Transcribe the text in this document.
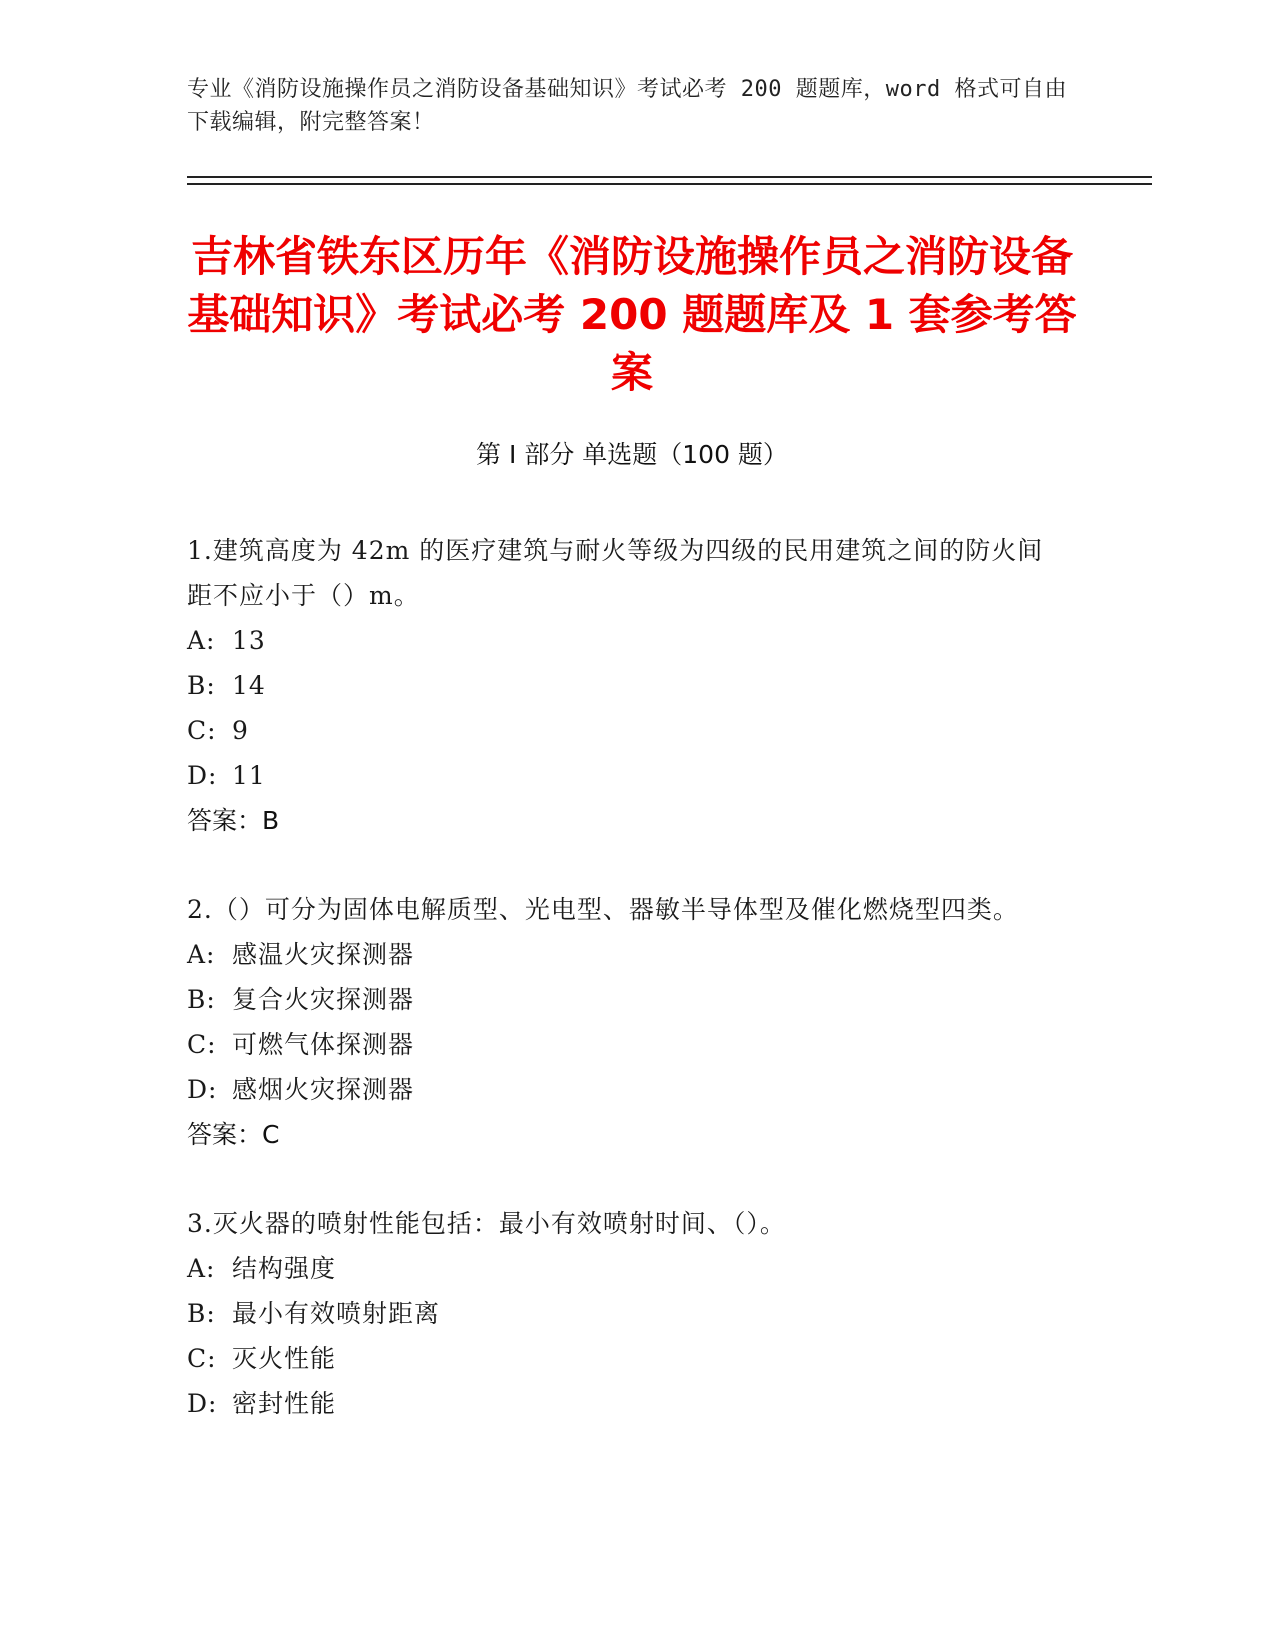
专业《消防设施操作员之消防设备基础知识》考试必考 200 题题库，word 格式可自由下载编辑，附完整答案！
吉林省铁东区历年《消防设施操作员之消防设备基础知识》考试必考 200 题题库及 1 套参考答案
第 I 部分 单选题（100 题）
1.建筑高度为 42m 的医疗建筑与耐火等级为四级的民用建筑之间的防火间距不应小于（）m。
A: 13
B: 14
C: 9
D: 11
答案：B
2.（）可分为固体电解质型、光电型、器敏半导体型及催化燃烧型四类。
A: 感温火灾探测器
B: 复合火灾探测器
C: 可燃气体探测器
D: 感烟火灾探测器
答案：C
3.灭火器的喷射性能包括：最小有效喷射时间、（）。
A: 结构强度
B: 最小有效喷射距离
C: 灭火性能
D: 密封性能
